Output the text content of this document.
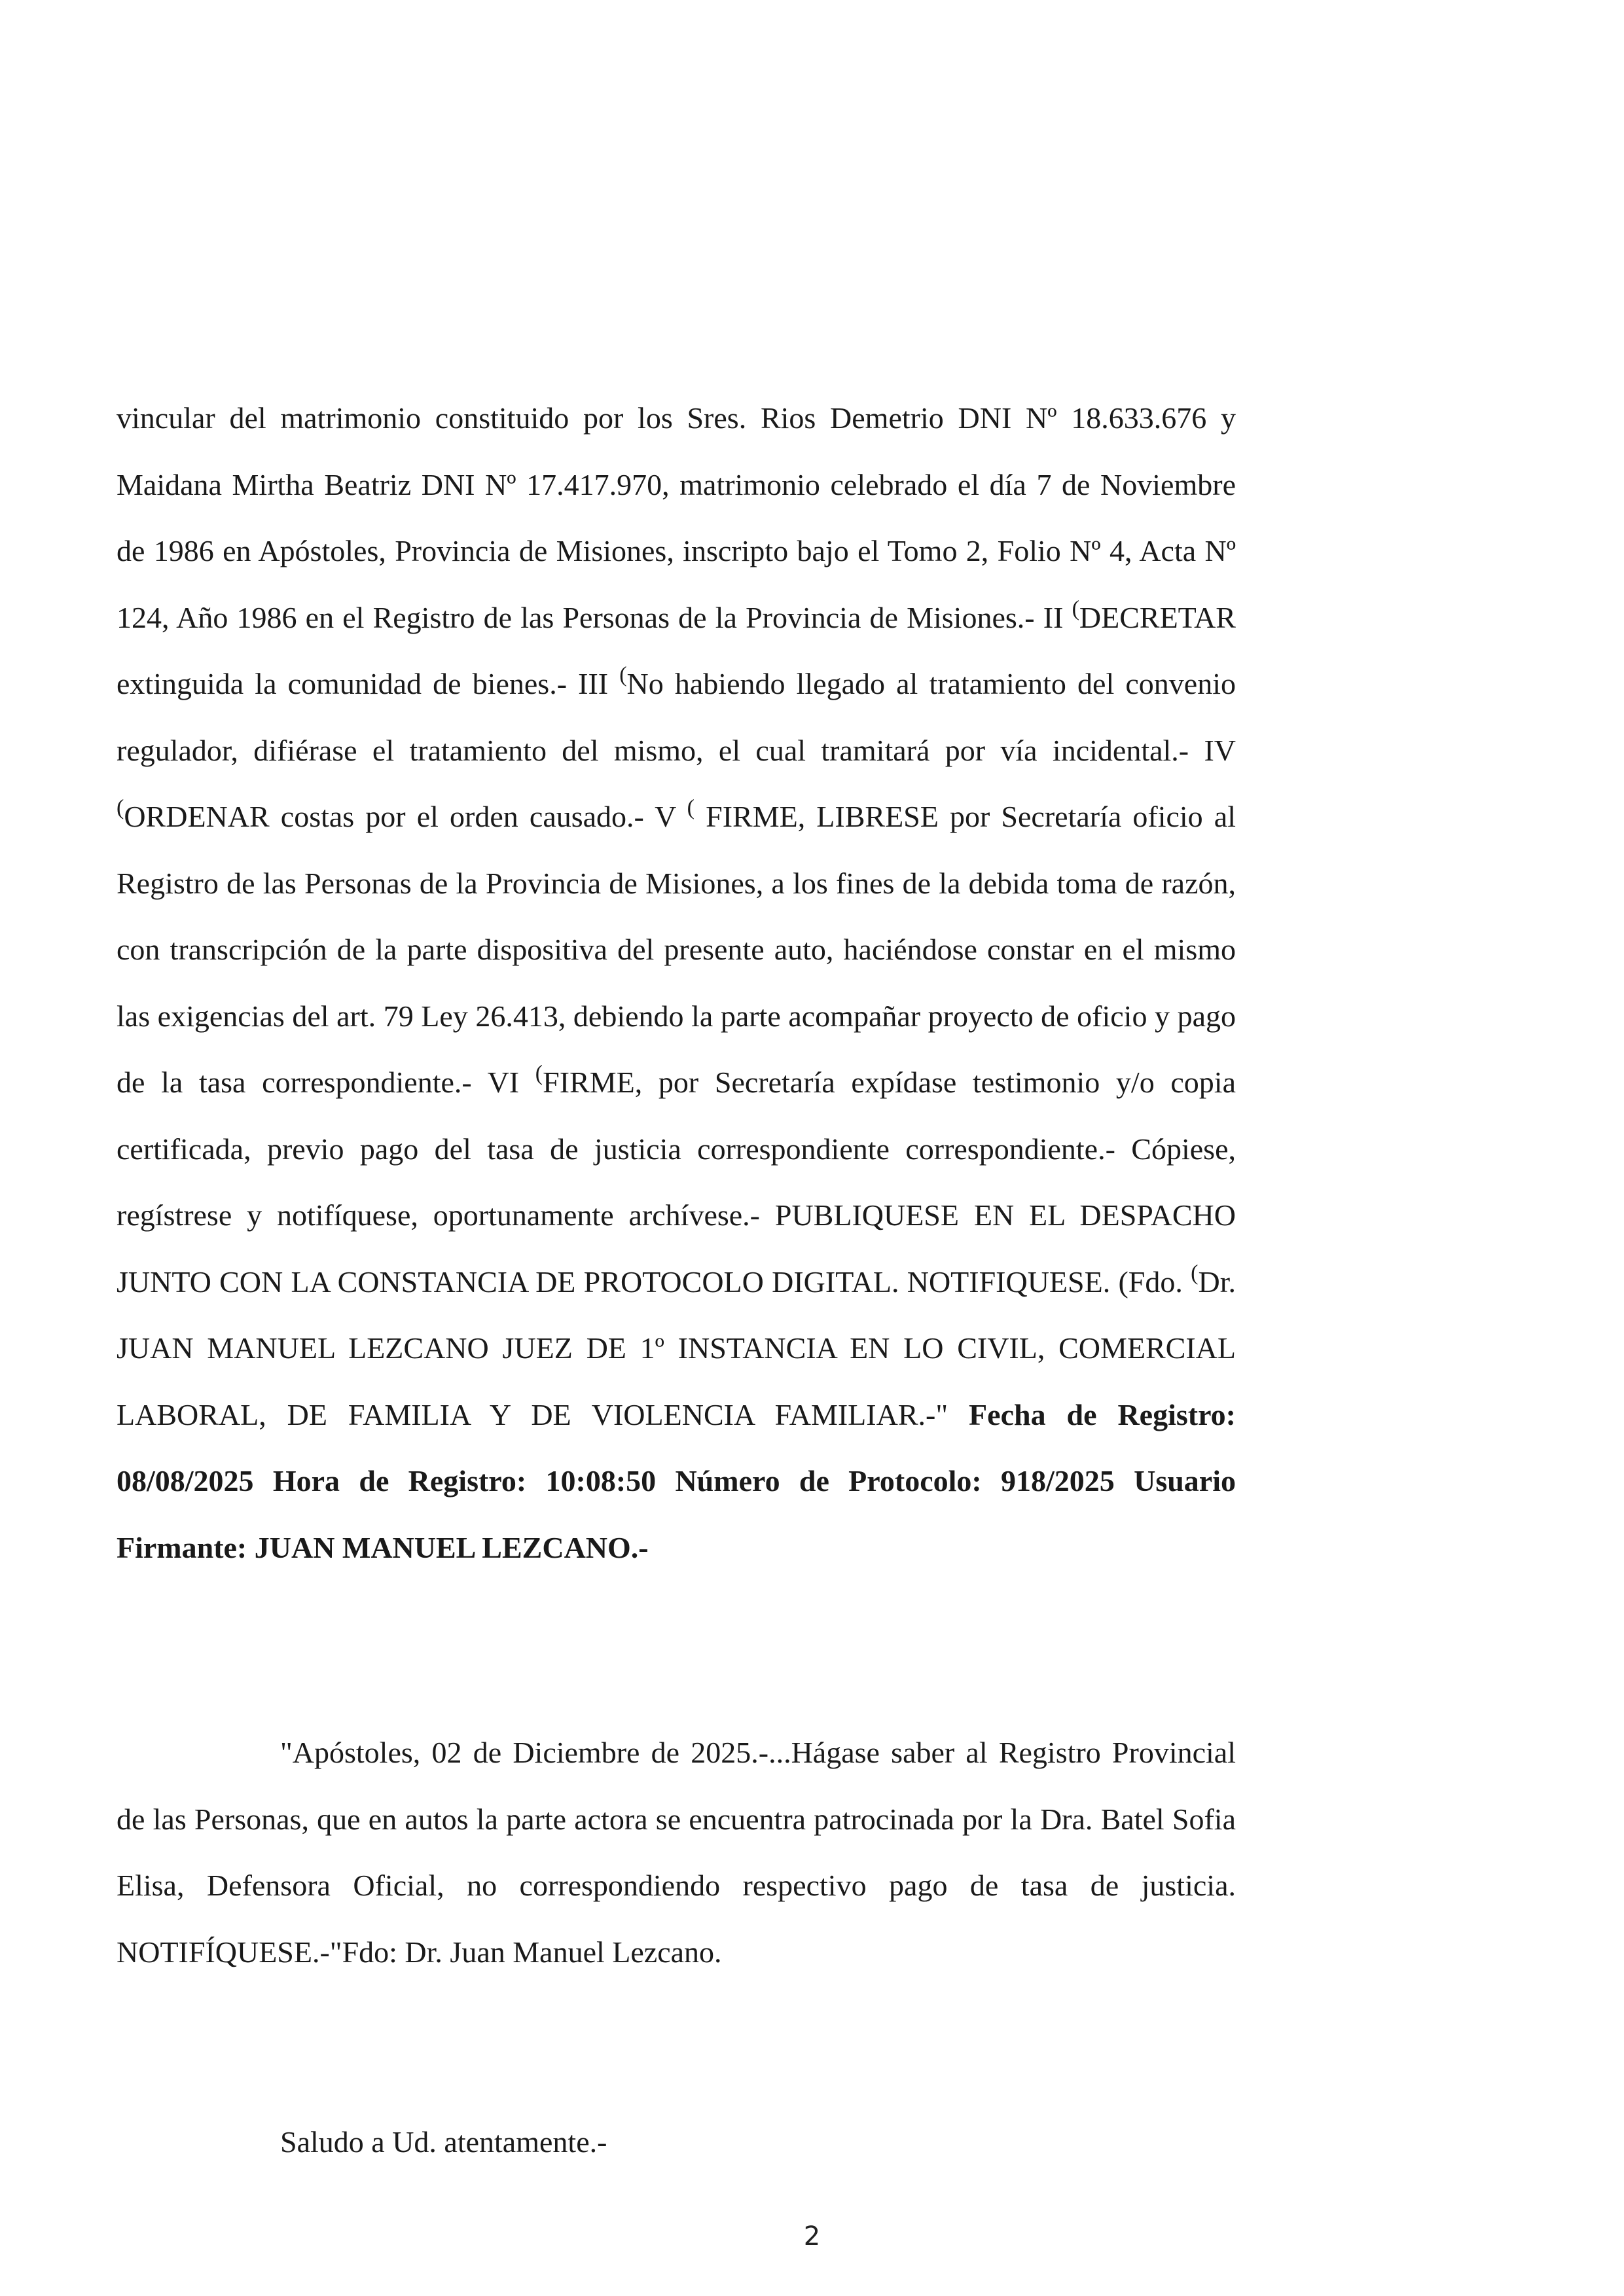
vincular del matrimonio constituido por los Sres. Rios Demetrio DNI Nº 18.633.676 y Maidana Mirtha Beatriz DNI Nº 17.417.970, matrimonio celebrado el día 7 de Noviembre de 1986 en Apóstoles, Provincia de Misiones, inscripto bajo el Tomo 2, Folio Nº 4, Acta Nº 124, Año 1986 en el Registro de las Personas de la Provincia de Misiones.- II (DECRETAR extinguida la comunidad de bienes.- III (No habiendo llegado al tratamiento del convenio regulador, difiérase el tratamiento del mismo, el cual tramitará por vía incidental.- IV (ORDENAR costas por el orden causado.- V ( FIRME, LIBRESE por Secretaría oficio al Registro de las Personas de la Provincia de Misiones, a los fines de la debida toma de razón, con transcripción de la parte dispositiva del presente auto, haciéndose constar en el mismo las exigencias del art. 79 Ley 26.413, debiendo la parte acompañar proyecto de oficio y pago de la tasa correspondiente.- VI (FIRME, por Secretaría expídase testimonio y/o copia certificada, previo pago del tasa de justicia correspondiente correspondiente.- Cópiese, regístrese y notifíquese, oportunamente archívese.- PUBLIQUESE EN EL DESPACHO JUNTO CON LA CONSTANCIA DE PROTOCOLO DIGITAL. NOTIFIQUESE. (Fdo. (Dr. JUAN MANUEL LEZCANO JUEZ DE 1º INSTANCIA EN LO CIVIL, COMERCIAL LABORAL, DE FAMILIA Y DE VIOLENCIA FAMILIAR.-" Fecha de Registro: 08/08/2025 Hora de Registro: 10:08:50 Número de Protocolo: 918/2025 Usuario Firmante: JUAN MANUEL LEZCANO.-
"Apóstoles, 02 de Diciembre de 2025.-...Hágase saber al Registro Provincial de las Personas, que en autos la parte actora se encuentra patrocinada por la Dra. Batel Sofia Elisa, Defensora Oficial, no correspondiendo respectivo pago de tasa de justicia. NOTIFÍQUESE.-"Fdo: Dr. Juan Manuel Lezcano.
Saludo a Ud. atentamente.-
2
